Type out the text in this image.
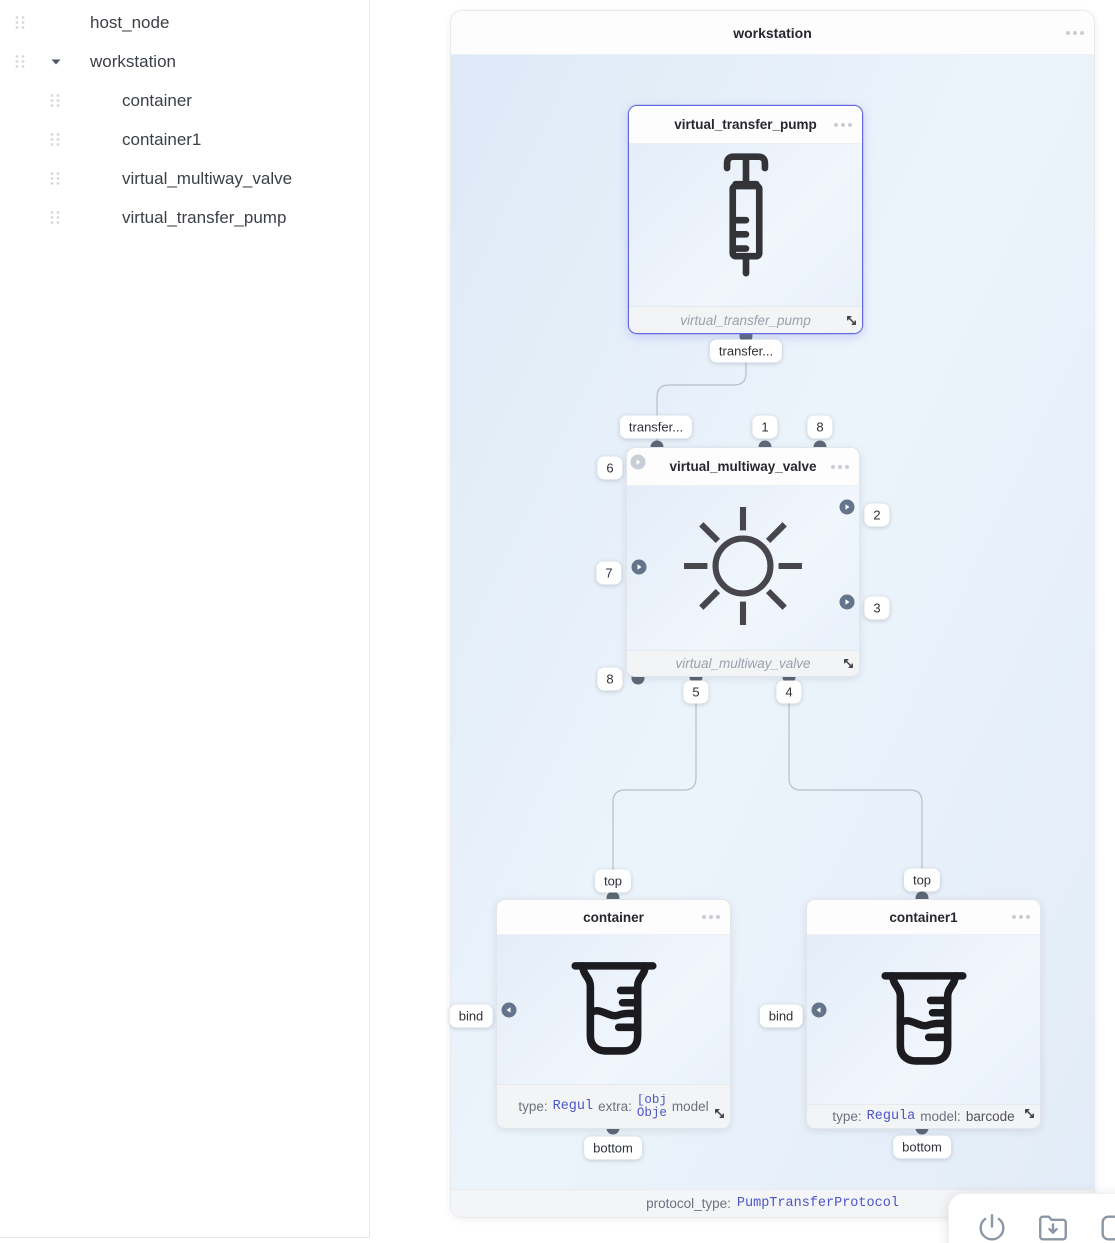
host_node
workstation
container
container1
virtual_multiway_valve
virtual_transfer_pump
workstation
protocol_type: PumpTransferProtocol
virtual_transfer_pump
virtual_transfer_pump
virtual_multiway_valve
virtual_multiway_valve
container
type: Regul extra: [obj
Obje model
container1
type: Regula model: barcode
transfer...
transfer...	1	8
6
7
2
3
8
5	4
top
bind
bottom
top
bind
bottom
